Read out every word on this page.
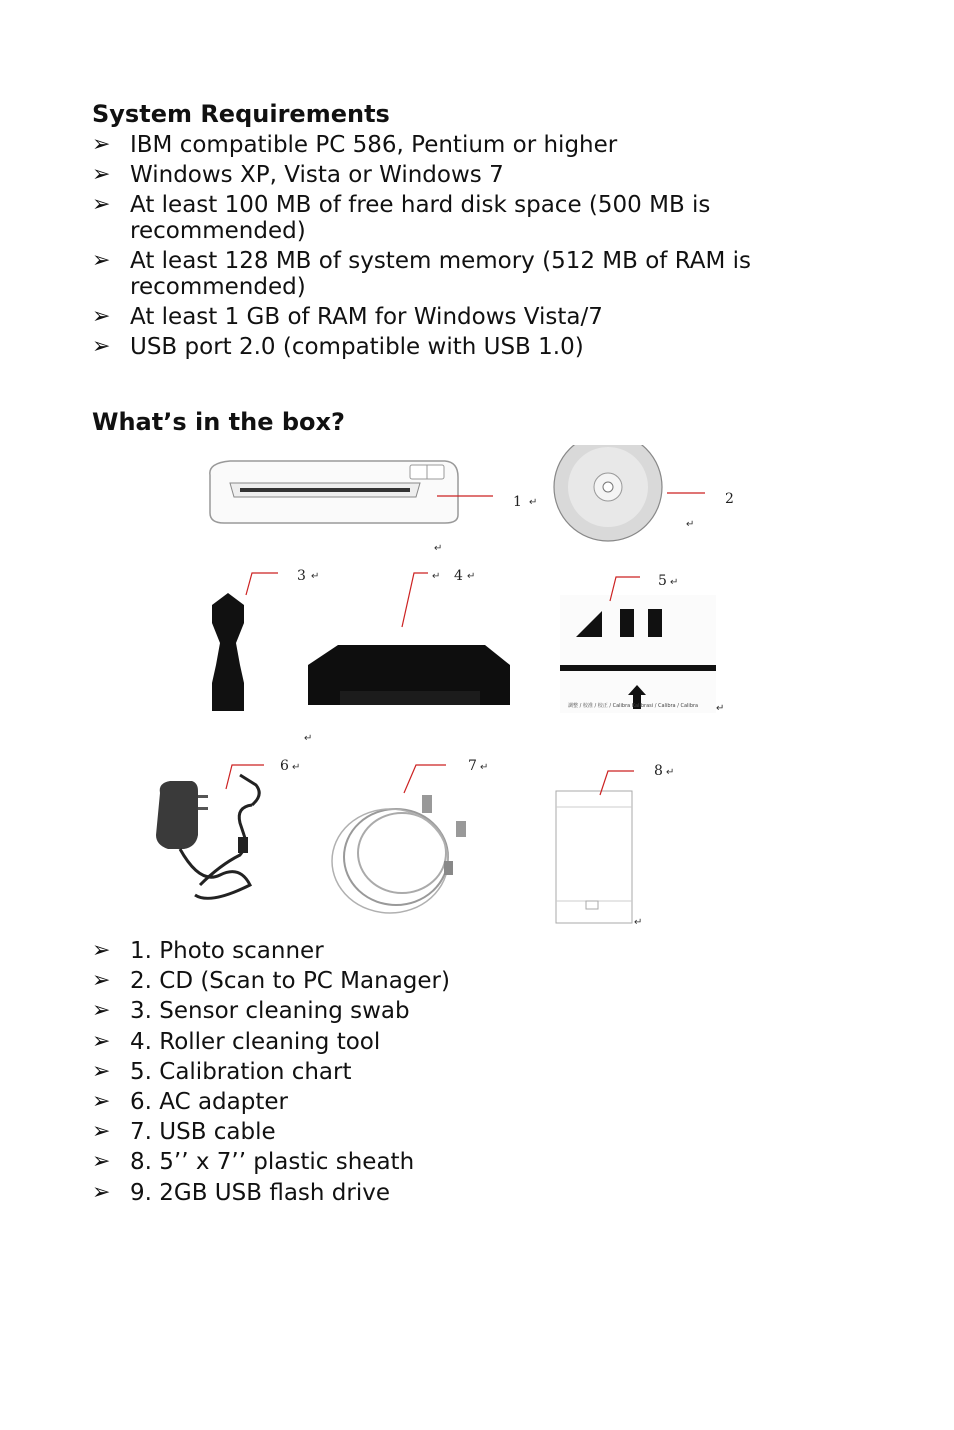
System Requirements
➢ IBM compatible PC 586, Pentium or higher
➢ Windows XP, Vista or Windows 7
➢ At least 100 MB of free hard disk space (500 MB is recommended)
➢ At least 128 MB of system memory (512 MB of RAM is recommended)
➢ At least 1 GB of RAM for Windows Vista/7
➢ USB port 2.0 (compatible with USB 1.0)
What’s in the box?
1 ↵	2
↵
↵
3 ↵	↵ 4 ↵
調整 / 校准 / 校正 / Calibra Kalibrasi / Calibra / Calibra
5 ↵
↵
↵
6 ↵	7 ↵	8 ↵
↵
➢ 1. Photo scanner
➢ 2. CD (Scan to PC Manager)
➢ 3. Sensor cleaning swab
➢ 4. Roller cleaning tool
➢ 5. Calibration chart
➢ 6. AC adapter
➢ 7. USB cable
➢ 8. 5’’ x 7’’ plastic sheath
➢ 9. 2GB USB flash drive
